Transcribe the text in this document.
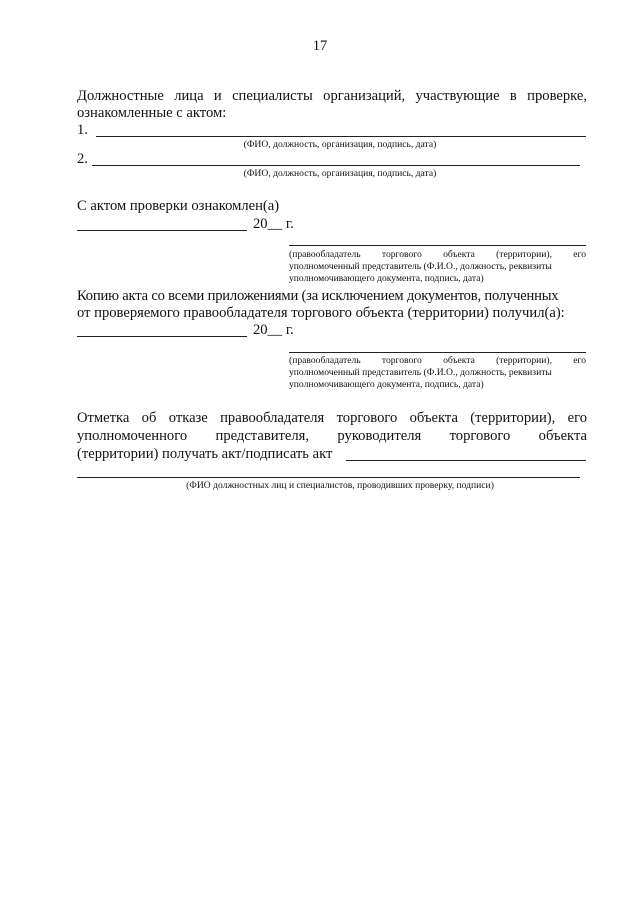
17
Должностные лица и специалисты организаций, участвующие в проверке,
ознакомленные с актом:
1.
(ФИО, должность, организация, подпись, дата)
2.
(ФИО, должность, организация, подпись, дата)
С актом проверки ознакомлен(а)
20__ г.
(правообладатель торгового объекта (территории), его
уполномоченный представитель (Ф.И.О., должность, реквизиты
уполномочивающего документа, подпись, дата)
Копию акта со всеми приложениями (за исключением документов, полученных
от проверяемого правообладателя торгового объекта (территории) получил(а):
20__ г.
(правообладатель торгового объекта (территории), его
уполномоченный представитель (Ф.И.О., должность, реквизиты
уполномочивающего документа, подпись, дата)
Отметка об отказе правообладателя торгового объекта (территории), его
уполномоченного представителя, руководителя торгового объекта
(территории) получать акт/подписать акт
(ФИО должностных лиц и специалистов, проводивших проверку, подписи)
